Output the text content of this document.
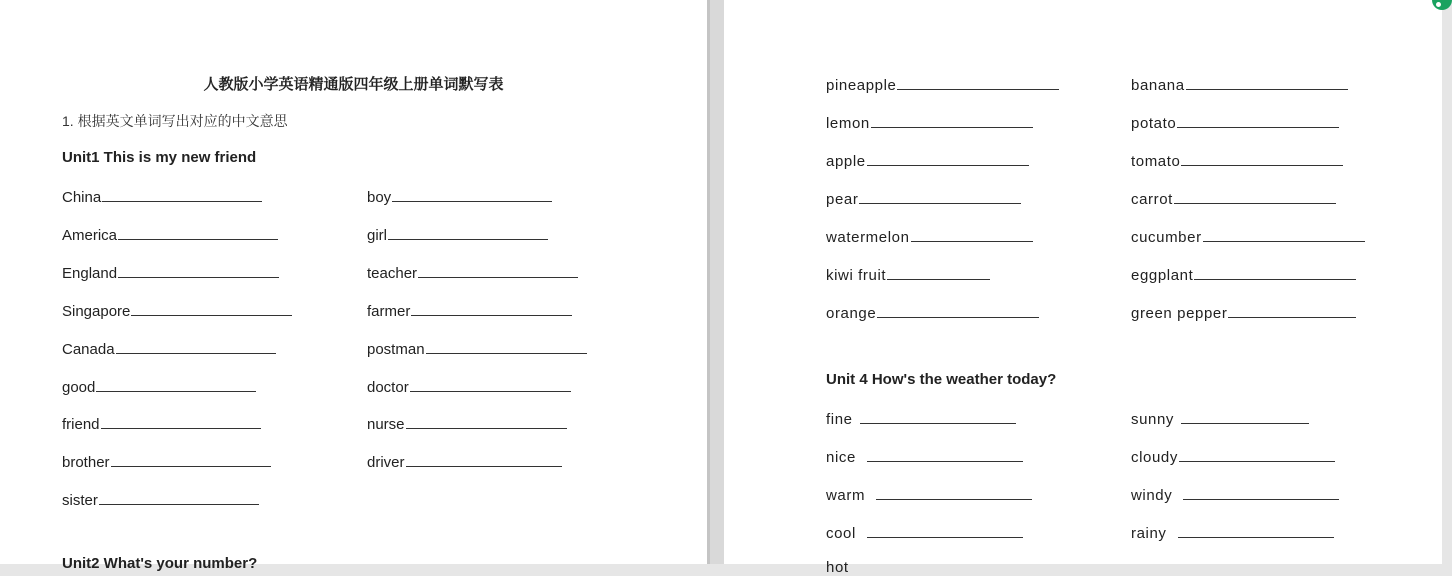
人教版小学英语精通版四年级上册单词默写表
1. 根据英文单词写出对应的中文意思
Unit1 This is my new friend
China
America
England
Singapore
Canada
good
friend
brother
sister
boy
girl
teacher
farmer
postman
doctor
nurse
driver
Unit2 What's your number?
pineapple
lemon
apple
pear
watermelon
kiwi fruit
orange
banana
potato
tomato
carrot
cucumber
eggplant
green pepper
Unit 4 How's the weather today?
fine
nice
warm
cool
sunny
cloudy
windy
rainy
hot
